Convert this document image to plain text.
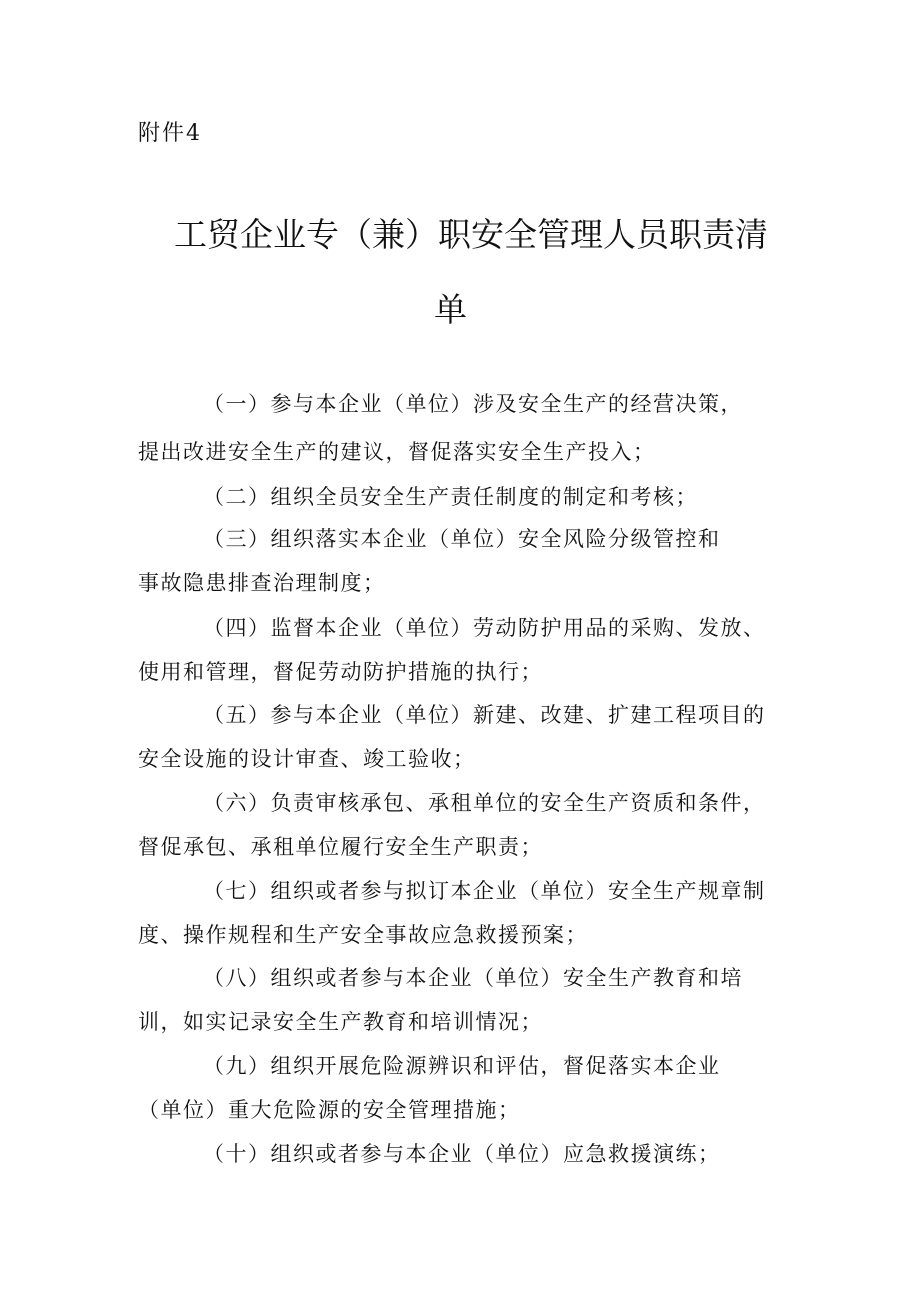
附件4
工贸企业专（兼）职安全管理人员职责清
单
（一）参与本企业（单位）涉及安全生产的经营决策，
提出改进安全生产的建议，督促落实安全生产投入；
（二）组织全员安全生产责任制度的制定和考核；
（三）组织落实本企业（单位）安全风险分级管控和
事故隐患排查治理制度；
（四）监督本企业（单位）劳动防护用品的采购、发放、
使用和管理，督促劳动防护措施的执行；
（五）参与本企业（单位）新建、改建、扩建工程项目的
安全设施的设计审查、竣工验收；
（六）负责审核承包、承租单位的安全生产资质和条件，
督促承包、承租单位履行安全生产职责；
（七）组织或者参与拟订本企业（单位）安全生产规章制
度、操作规程和生产安全事故应急救援预案；
（八）组织或者参与本企业（单位）安全生产教育和培
训，如实记录安全生产教育和培训情况；
（九）组织开展危险源辨识和评估，督促落实本企业
（单位）重大危险源的安全管理措施；
（十）组织或者参与本企业（单位）应急救援演练；
